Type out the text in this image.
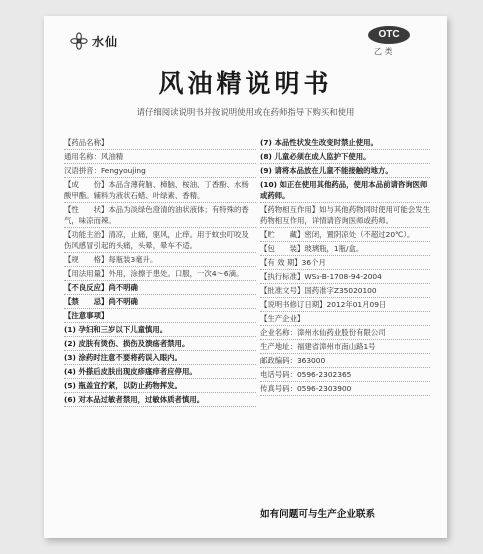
水仙	OTC
乙 类
风油精说明书
请仔细阅读说明书并按说明使用或在药师指导下购买和使用

【药品名称】

通用名称：风油精

汉语拼音：Fengyoujing

【成　　份】本品含薄荷脑、樟脑、桉油、丁香酚、水杨酸甲酯。辅料为液状石蜡、叶绿素、香精。

【性　　状】本品为淡绿色澄清的油状液体；有特殊的香气，味凉而辣。

【功能主治】清凉，止痛，驱风，止痒。用于蚊虫叮咬及伤风感冒引起的头痛，头晕，晕车不适。

【规　　格】每瓶装3毫升。

【用法用量】外用，涂擦于患处。口服，一次4～6滴。

【不良反应】尚不明确

【禁　　忌】尚不明确

【注意事项】

(1) 孕妇和三岁以下儿童慎用。

(2) 皮肤有烫伤、损伤及溃疡者禁用。

(3) 涂药时注意不要将药误入眼内。

(4) 外搽后皮肤出现皮疹瘙痒者应停用。

(5) 瓶盖宜拧紧，以防止药物挥发。

(6) 对本品过敏者禁用，过敏体质者慎用。

(7) 本品性状发生改变时禁止使用。

(8) 儿童必须在成人监护下使用。

(9) 请将本品放在儿童不能接触的地方。

(10) 如正在使用其他药品，使用本品前请咨询医师或药师。

【药物相互作用】如与其他药物同时使用可能会发生药物相互作用，详情请咨询医师或药师。

【贮　　藏】密闭，置阴凉处（不超过20℃）。

【包　　装】玻璃瓶，1瓶/盒。

【有 效 期】36个月

【执行标准】WS₃-B-1708-94-2004

【批准文号】国药准字Z35020100

【说明书修订日期】2012年01月09日

【生产企业】

企业名称：漳州水仙药业股份有限公司

生产地址：福建省漳州市南山路1号

邮政编码：363000

电话号码：0596-2302365

传真号码：0596-2303900

如有问题可与生产企业联系
